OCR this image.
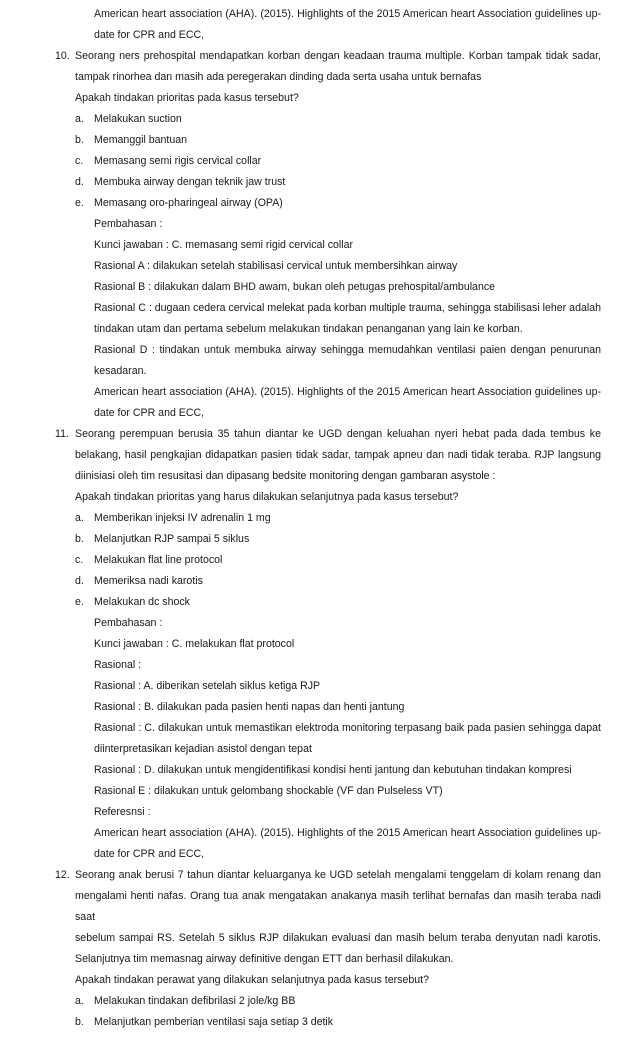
American heart association (AHA). (2015). Highlights of the 2015 American heart Association guidelines up-
date for CPR and ECC,
10. Seorang ners prehospital mendapatkan korban dengan keadaan trauma multiple. Korban tampak tidak sadar,
tampak rinorhea dan masih ada peregerakan dinding dada serta usaha untuk bernafas
Apakah tindakan prioritas pada kasus tersebut?
a. Melakukan suction
b. Memanggil bantuan
c. Memasang semi rigis cervical collar
d. Membuka airway dengan teknik jaw trust
e. Memasang oro-pharingeal airway (OPA)
Pembahasan :
Kunci jawaban : C. memasang semi rigid cervical collar
Rasional A : dilakukan setelah stabilisasi cervical untuk membersihkan airway
Rasional B : dilakukan dalam BHD awam, bukan oleh petugas prehospital/ambulance
Rasional C : dugaan cedera cervical melekat pada korban multiple trauma, sehingga stabilisasi leher adalah
tindakan utam dan pertama sebelum melakukan tindakan penanganan yang lain ke korban.
Rasional D : tindakan untuk membuka airway sehingga memudahkan ventilasi paien dengan penurunan
kesadaran.
American heart association (AHA). (2015). Highlights of the 2015 American heart Association guidelines up-
date for CPR and ECC,
11. Seorang perempuan berusia 35 tahun diantar ke UGD dengan keluahan nyeri hebat pada dada tembus ke
belakang, hasil pengkajian didapatkan pasien tidak sadar, tampak apneu dan nadi tidak teraba. RJP langsung
diinisiasi oleh tim resusitasi dan dipasang bedsite monitoring dengan gambaran asystole :
Apakah tindakan prioritas yang harus dilakukan selanjutnya pada kasus tersebut?
a. Memberikan injeksi IV adrenalin 1 mg
b. Melanjutkan RJP sampai 5 siklus
c. Melakukan flat line protocol
d. Memeriksa nadi karotis
e. Melakukan dc shock
Pembahasan :
Kunci jawaban : C. melakukan flat protocol
Rasional :
Rasional : A. diberikan setelah siklus ketiga RJP
Rasional : B. dilakukan pada pasien henti napas dan henti jantung
Rasional : C. dilakukan untuk memastikan elektroda monitoring terpasang baik pada pasien sehingga dapat
diinterpretasikan kejadian asistol dengan tepat
Rasional : D. dilakukan untuk mengidentifikasi kondisi henti jantung dan kebutuhan tindakan kompresi
Rasional E : dilakukan untuk gelombang shockable (VF dan Pulseless VT)
Referesnsi :
American heart association (AHA). (2015). Highlights of the 2015 American heart Association guidelines up-
date for CPR and ECC,
12. Seorang anak berusi 7 tahun diantar keluarganya ke UGD setelah mengalami tenggelam di kolam renang dan
mengalami henti nafas. Orang tua anak mengatakan anakanya masih terlihat bernafas dan masih teraba nadi saat
sebelum sampai RS. Setelah 5 siklus RJP dilakukan evaluasi dan masih belum teraba denyutan nadi karotis.
Selanjutnya tim memasnag airway definitive dengan ETT dan berhasil dilakukan.
Apakah tindakan perawat yang dilakukan selanjutnya pada kasus tersebut?
a. Melakukan tindakan defibrilasi 2 jole/kg BB
b. Melanjutkan pemberian ventilasi saja setiap 3 detik
